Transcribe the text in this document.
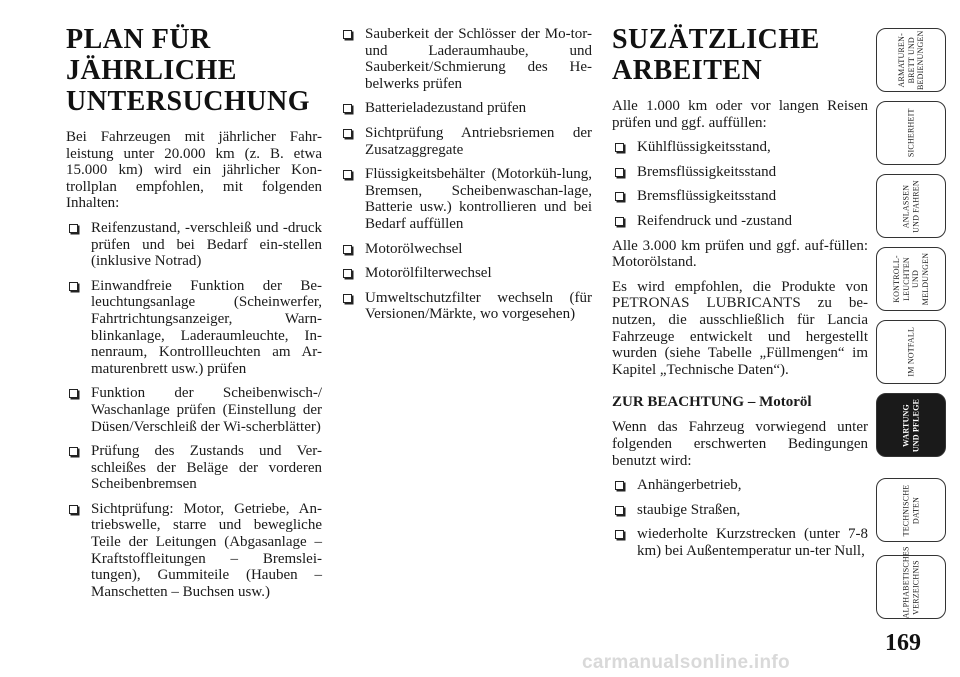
PLAN FÜR
JÄHRLICHE
UNTERSUCHUNG

Bei Fahrzeugen mit jährlicher Fahr-leistung unter 20.000 km (z. B. etwa 15.000 km) wird ein jährlicher Kon-trollplan empfohlen, mit folgenden Inhalten:

Reifenzustand, -verschleiß und -druck prüfen und bei Bedarf ein-stellen (inklusive Notrad)
Einwandfreie Funktion der Be-leuchtungsanlage (Scheinwerfer, Fahrtrichtungsanzeiger, Warn-blinkanlage, Laderaumleuchte, In-nenraum, Kontrollleuchten am Ar-maturenbrett usw.) prüfen
Funktion der Scheibenwisch-/ Waschanlage prüfen (Einstellung der Düsen/Verschleiß der Wi-scherblätter)
Prüfung des Zustands und Ver-schleißes der Beläge der vorderen Scheibenbremsen
Sichtprüfung: Motor, Getriebe, An-triebswelle, starre und bewegliche Teile der Leitungen (Abgasanlage – Kraftstoffleitungen – Bremslei-tungen), Gummiteile (Hauben – Manschetten – Buchsen usw.)
Sauberkeit der Schlösser der Mo-tor- und Laderaumhaube, und Sauberkeit/Schmierung des He-belwerks prüfen
Batterieladezustand prüfen
Sichtprüfung Antriebsriemen der Zusatzaggregate
Flüssigkeitsbehälter (Motorküh-lung, Bremsen, Scheibenwaschan-lage, Batterie usw.) kontrollieren und bei Bedarf auffüllen
Motorölwechsel
Motorölfilterwechsel
Umweltschutzfilter wechseln (für Versionen/Märkte, wo vorgesehen)
SUZÄTZLICHE
ARBEITEN

Alle 1.000 km oder vor langen Reisen prüfen und ggf. auffüllen:

Kühlflüssigkeitsstand,
Bremsflüssigkeitsstand
Bremsflüssigkeitsstand
Reifendruck und -zustand

Alle 3.000 km prüfen und ggf. auf-füllen: Motorölstand.

Es wird empfohlen, die Produkte von PETRONAS LUBRICANTS zu be-nutzen, die ausschließlich für Lancia Fahrzeuge entwickelt und hergestellt wurden (siehe Tabelle „Füllmengen“ im Kapitel „Technische Daten“).

ZUR BEACHTUNG – Motoröl

Wenn das Fahrzeug vorwiegend unter folgenden erschwerten Bedingungen benutzt wird:

Anhängerbetrieb,
staubige Straßen,
wiederholte Kurzstrecken (unter 7-8 km) bei Außentemperatur un-ter Null,
ARMATUREN-
BRETT UND
BEDIENUNGEN
SICHERHEIT
ANLASSEN
UND FAHREN
KONTROLL-
LEUCHTEN UND
MELDUNGEN
IM NOTFALL
WARTUNG
UND PFLEGE
TECHNISCHE
DATEN
ALPHABETISCHES
VERZEICHNIS
169
carmanualsonline.info
